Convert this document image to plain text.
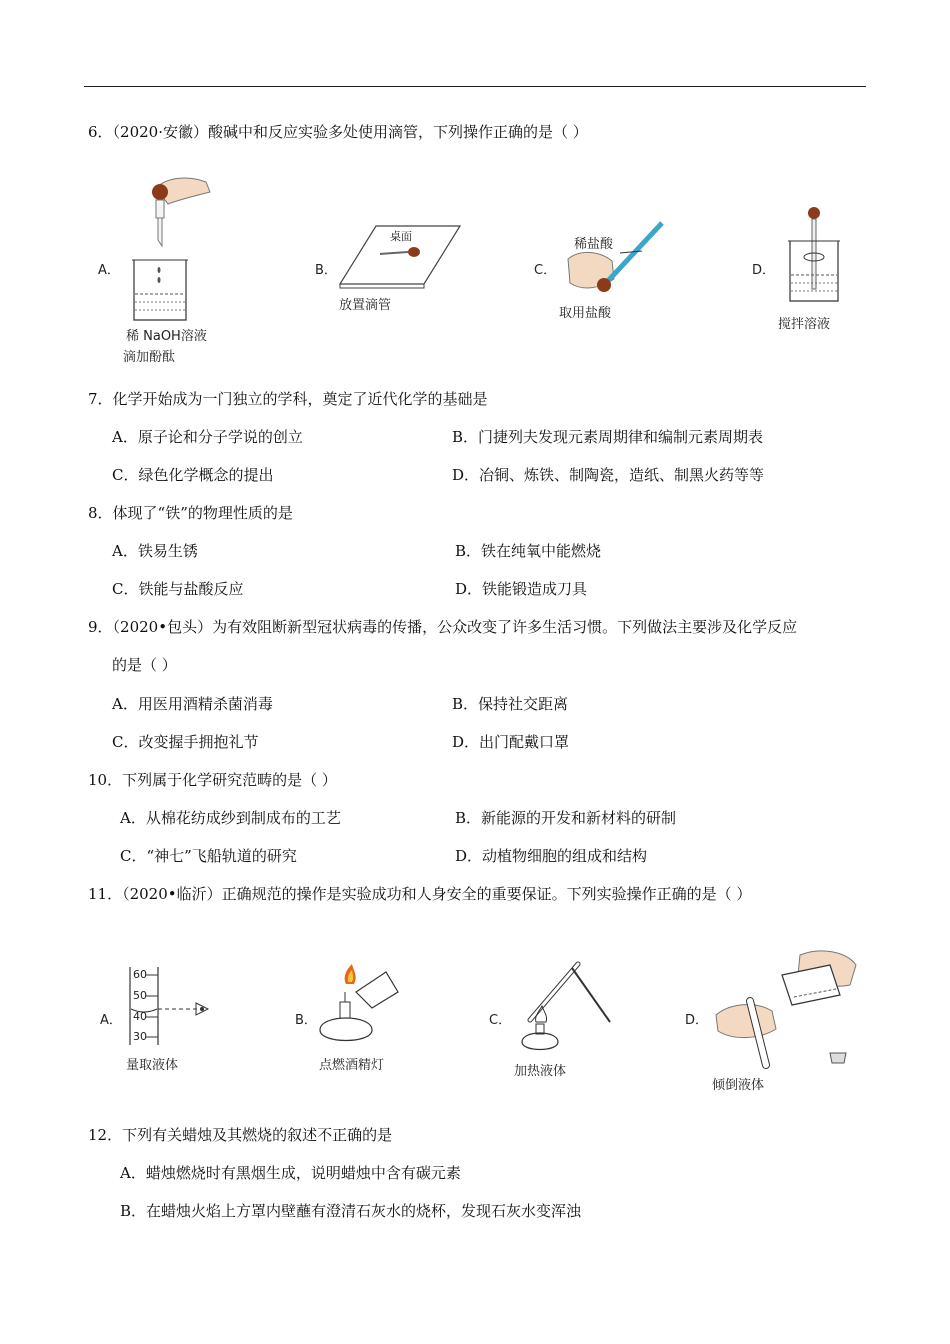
6．（2020·安徽）酸碱中和反应实验多处使用滴管，下列操作正确的是（ ）
A．
稀 NaOH溶液
滴加酚酞
B．
桌面
放置滴管
C．
稀盐酸
取用盐酸
D．
搅拌溶液
7．化学开始成为一门独立的学科，奠定了近代化学的基础是
A．原子论和分子学说的创立	B．门捷列夫发现元素周期律和编制元素周期表
C．绿色化学概念的提出	D．冶铜、炼铁、制陶瓷，造纸、制黑火药等等
8．体现了“铁”的物理性质的是
A．铁易生锈	B．铁在纯氧中能燃烧
C．铁能与盐酸反应	D．铁能锻造成刀具
9．（2020•包头）为有效阻断新型冠状病毒的传播，公众改变了许多生活习惯。下列做法主要涉及化学反应
的是（ ）
A．用医用酒精杀菌消毒	B．保持社交距离
C．改变握手拥抱礼节	D．出门配戴口罩
10．下列属于化学研究范畴的是（ ）
A．从棉花纺成纱到制成布的工艺	B．新能源的开发和新材料的研制
C．“神七”飞船轨道的研究	D．动植物细胞的组成和结构
11．（2020•临沂）正确规范的操作是实验成功和人身安全的重要保证。下列实验操作正确的是（ ）
A．
60
50
40
30
量取液体
B．
点燃酒精灯
C．
加热液体
D．
倾倒液体
12．下列有关蜡烛及其燃烧的叙述不正确的是
A．蜡烛燃烧时有黑烟生成，说明蜡烛中含有碳元素
B．在蜡烛火焰上方罩内壁蘸有澄清石灰水的烧杯，发现石灰水变浑浊
